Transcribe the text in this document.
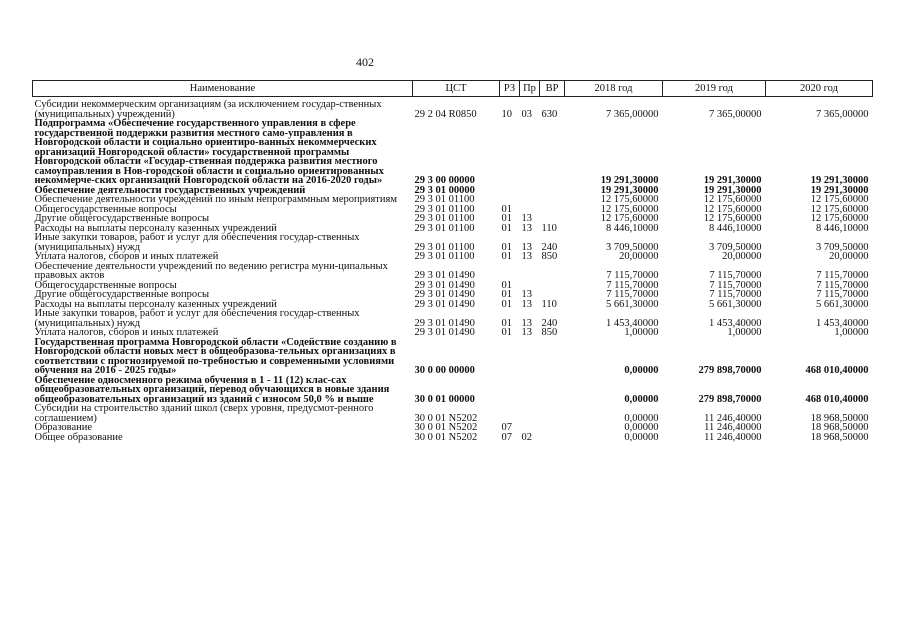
402
Наименование	ЦСТ	РЗ	Пр	ВР	2018 год	2019 год	2020 год
Субсидии некоммерческим организациям (за исключением государ-ственных (муниципальных) учреждений)	29 2 04 R0850	10	03	630	7 365,00000	7 365,00000	7 365,00000
Подпрограмма «Обеспечение государственного управления в сфере государственной поддержки развития местного само-управления в Новгородской области и социально ориентиро-ванных некоммерческих организаций Новгородской области» государственной программы Новгородской области «Государ-ственная поддержка развития местного самоуправления в Нов-городской области и социально ориентированных некоммерче-ских организаций Новгородской области на 2016-2020 годы»	29 3 00 00000				19 291,30000	19 291,30000	19 291,30000
Обеспечение деятельности государственных учреждений	29 3 01 00000				19 291,30000	19 291,30000	19 291,30000
Обеспечение деятельности учреждений по иным непрограммным мероприятиям	29 3 01 01100				12 175,60000	12 175,60000	12 175,60000
Общегосударственные вопросы	29 3 01 01100	01			12 175,60000	12 175,60000	12 175,60000
Другие общегосударственные вопросы	29 3 01 01100	01	13		12 175,60000	12 175,60000	12 175,60000
Расходы на выплаты персоналу казенных учреждений	29 3 01 01100	01	13	110	8 446,10000	8 446,10000	8 446,10000
Иные закупки товаров, работ и услуг для обеспечения государ-ственных (муниципальных) нужд	29 3 01 01100	01	13	240	3 709,50000	3 709,50000	3 709,50000
Уплата налогов, сборов и иных платежей	29 3 01 01100	01	13	850	20,00000	20,00000	20,00000
Обеспечение деятельности учреждений по ведению регистра муни-ципальных правовых актов	29 3 01 01490				7 115,70000	7 115,70000	7 115,70000
Общегосударственные вопросы	29 3 01 01490	01			7 115,70000	7 115,70000	7 115,70000
Другие общегосударственные вопросы	29 3 01 01490	01	13		7 115,70000	7 115,70000	7 115,70000
Расходы на выплаты персоналу казенных учреждений	29 3 01 01490	01	13	110	5 661,30000	5 661,30000	5 661,30000
Иные закупки товаров, работ и услуг для обеспечения государ-ственных (муниципальных) нужд	29 3 01 01490	01	13	240	1 453,40000	1 453,40000	1 453,40000
Уплата налогов, сборов и иных платежей	29 3 01 01490	01	13	850	1,00000	1,00000	1,00000
Государственная программа Новгородской области «Содействие созданию в Новгородской области новых мест в общеобразова-тельных организациях в соответствии с прогнозируемой по-требностью и современными условиями обучения на 2016 - 2025 годы»	30 0 00 00000				0,00000	279 898,70000	468 010,40000
Обеспечение односменного режима обучения в 1 - 11 (12) клас-сах общеобразовательных организаций, перевод обучающихся в новые здания общеобразовательных организаций из зданий с износом 50,0 % и выше	30 0 01 00000				0,00000	279 898,70000	468 010,40000
Субсидии на строительство зданий школ (сверх уровня, предусмот-ренного соглашением)	30 0 01 N5202				0,00000	11 246,40000	18 968,50000
Образование	30 0 01 N5202	07			0,00000	11 246,40000	18 968,50000
Общее образование	30 0 01 N5202	07	02		0,00000	11 246,40000	18 968,50000
